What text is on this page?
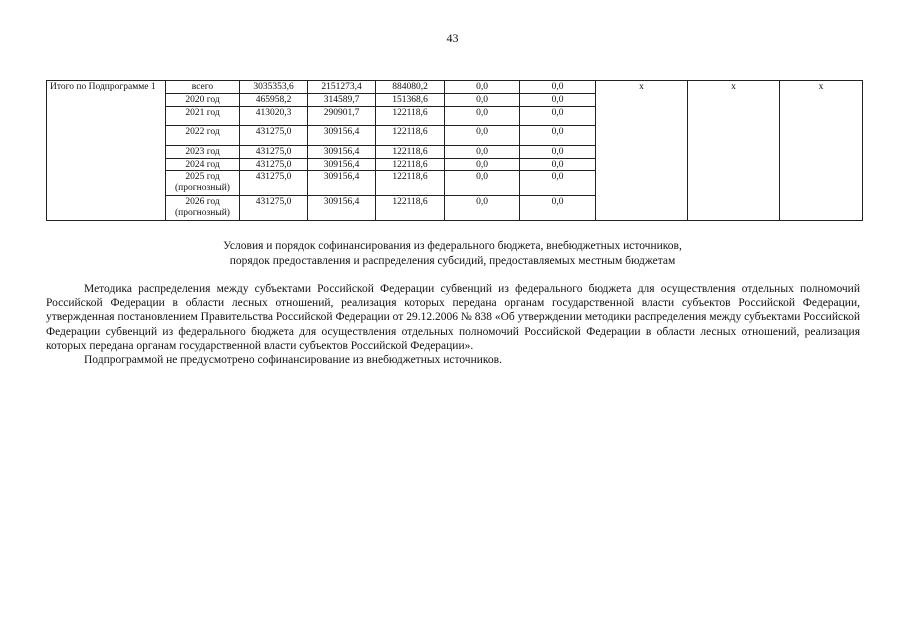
43
Итого по Подпрограмме 1	всего	3035353,6	2151273,4	884080,2	0,0	0,0	x	x	x
	2020 год	465958,2	314589,7	151368,6	0,0	0,0			
	2021 год	413020,3	290901,7	122118,6	0,0	0,0			
	2022 год	431275,0	309156,4	122118,6	0,0	0,0			
	2023 год	431275,0	309156,4	122118,6	0,0	0,0			
	2024 год	431275,0	309156,4	122118,6	0,0	0,0			
	2025 год (прогнозный)	431275,0	309156,4	122118,6	0,0	0,0			
	2026 год (прогнозный)	431275,0	309156,4	122118,6	0,0	0,0			
Условия и порядок софинансирования из федерального бюджета, внебюджетных источников,
порядок предоставления и распределения субсидий, предоставляемых местным бюджетам

Методика распределения между субъектами Российской Федерации субвенций из федерального бюджета для осуществления отдельных полномочий Российской Федерации в области лесных отношений, реализация которых передана органам государственной власти субъектов Российской Федерации, утвержденная постановлением Правительства Российской Федерации от 29.12.2006 № 838 «Об утверждении методики распределения между субъектами Российской Федерации субвенций из федерального бюджета для осуществления отдельных полномочий Российской Федерации в области лесных отношений, реализация которых передана органам государственной власти субъектов Российской Федерации».

Подпрограммой не предусмотрено софинансирование из внебюджетных источников.
